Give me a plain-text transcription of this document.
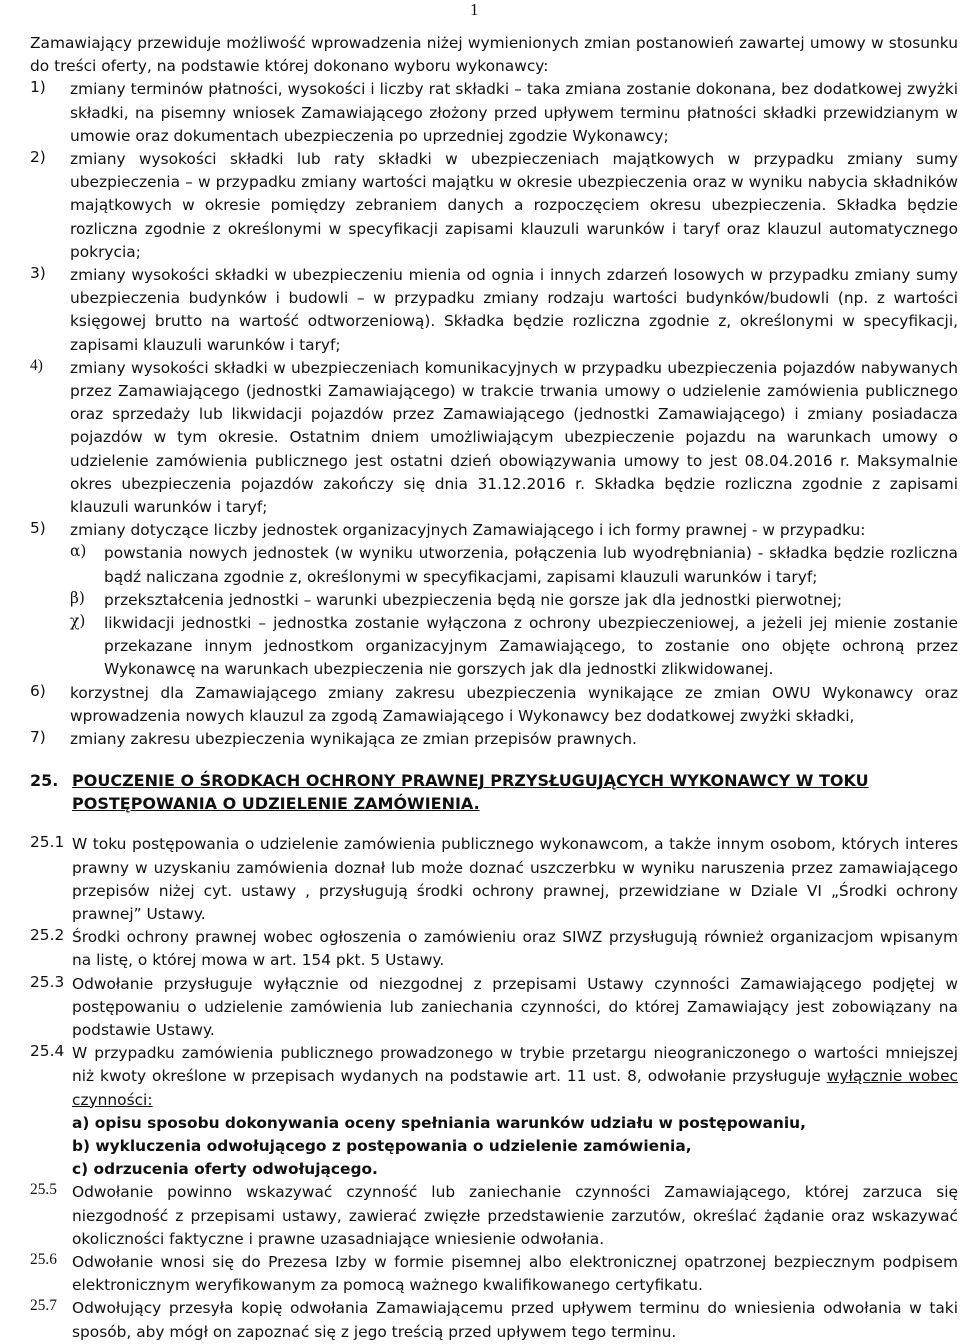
1

Zamawiający przewiduje możliwość wprowadzenia niżej wymienionych zmian postanowień zawartej umowy w stosunku do treści oferty, na podstawie której dokonano wyboru wykonawcy:

1)	zmiany terminów płatności, wysokości i liczby rat składki – taka zmiana zostanie dokonana, bez dodatkowej zwyżki składki, na pisemny wniosek Zamawiającego złożony przed upływem terminu płatności składki przewidzianym w umowie oraz dokumentach ubezpieczenia po uprzedniej zgodzie Wykonawcy;
2)	zmiany wysokości składki lub raty składki w ubezpieczeniach majątkowych w przypadku zmiany sumy ubezpieczenia – w przypadku zmiany wartości majątku w okresie ubezpieczenia oraz w wyniku nabycia składników majątkowych w okresie pomiędzy zebraniem danych a rozpoczęciem okresu ubezpieczenia. Składka będzie rozliczna zgodnie z określonymi w specyfikacji zapisami klauzuli warunków i taryf oraz klauzul automatycznego pokrycia;
3)	zmiany wysokości składki w ubezpieczeniu mienia od ognia i innych zdarzeń losowych w przypadku zmiany sumy ubezpieczenia budynków i budowli – w przypadku zmiany rodzaju wartości budynków/budowli (np. z wartości księgowej brutto na wartość odtworzeniową). Składka będzie rozliczna zgodnie z, określonymi w specyfikacji, zapisami klauzuli warunków i taryf;
4)	zmiany wysokości składki w ubezpieczeniach komunikacyjnych w przypadku ubezpieczenia pojazdów nabywanych przez Zamawiającego (jednostki Zamawiającego) w trakcie trwania umowy o udzielenie zamówienia publicznego oraz sprzedaży lub likwidacji pojazdów przez Zamawiającego (jednostki Zamawiającego) i zmiany posiadacza pojazdów w tym okresie. Ostatnim dniem umożliwiającym ubezpieczenie pojazdu na warunkach umowy o udzielenie zamówienia publicznego jest ostatni dzień obowiązywania umowy to jest 08.04.2016 r. Maksymalnie okres ubezpieczenia pojazdów zakończy się dnia 31.12.2016 r. Składka będzie rozliczna zgodnie z zapisami klauzuli warunków i taryf;
5)	zmiany dotyczące liczby jednostek organizacyjnych Zamawiającego i ich formy prawnej - w przypadku:
α)	powstania nowych jednostek (w wyniku utworzenia, połączenia lub wyodrębniania) - składka będzie rozliczna bądź naliczana zgodnie z, określonymi w specyfikacjami, zapisami klauzuli warunków i taryf;
β)	przekształcenia jednostki – warunki ubezpieczenia będą nie gorsze jak dla jednostki pierwotnej;
χ)	likwidacji jednostki – jednostka zostanie wyłączona z ochrony ubezpieczeniowej, a jeżeli jej mienie zostanie przekazane innym jednostkom organizacyjnym Zamawiającego, to zostanie ono objęte ochroną przez Wykonawcę na warunkach ubezpieczenia nie gorszych jak dla jednostki zlikwidowanej.
6)	korzystnej dla Zamawiającego zmiany zakresu ubezpieczenia wynikające ze zmian OWU Wykonawcy oraz wprowadzenia nowych klauzul za zgodą Zamawiającego i Wykonawcy bez dodatkowej zwyżki składki,
7)	zmiany zakresu ubezpieczenia wynikająca ze zmian przepisów prawnych.
25. POUCZENIE O ŚRODKACH OCHRONY PRAWNEJ PRZYSŁUGUJĄCYCH WYKONAWCY W TOKU POSTĘPOWANIA O UDZIELENIE ZAMÓWIENIA.
25.1 W toku postępowania o udzielenie zamówienia publicznego wykonawcom, a także innym osobom, których interes prawny w uzyskaniu zamówienia doznał lub może doznać uszczerbku w wyniku naruszenia przez zamawiającego przepisów niżej cyt. ustawy , przysługują środki ochrony prawnej, przewidziane w Dziale VI „Środki ochrony prawnej” Ustawy.
25.2 Środki ochrony prawnej wobec ogłoszenia o zamówieniu oraz SIWZ przysługują również organizacjom wpisanym na listę, o której mowa w art. 154 pkt. 5 Ustawy.
25.3 Odwołanie przysługuje wyłącznie od niezgodnej z przepisami Ustawy czynności Zamawiającego podjętej w postępowaniu o udzielenie zamówienia lub zaniechania czynności, do której Zamawiający jest zobowiązany na podstawie Ustawy.
25.4 W przypadku zamówienia publicznego prowadzonego w trybie przetargu nieograniczonego o wartości mniejszej niż kwoty określone w przepisach wydanych na podstawie art. 11 ust. 8, odwołanie przysługuje wyłącznie wobec czynności:
a) opisu sposobu dokonywania oceny spełniania warunków udziału w postępowaniu,
b) wykluczenia odwołującego z postępowania o udzielenie zamówienia,
c) odrzucenia oferty odwołującego.
25.5 Odwołanie powinno wskazywać czynność lub zaniechanie czynności Zamawiającego, której zarzuca się niezgodność z przepisami ustawy, zawierać zwięzłe przedstawienie zarzutów, określać żądanie oraz wskazywać okoliczności faktyczne i prawne uzasadniające wniesienie odwołania.
25.6 Odwołanie wnosi się do Prezesa Izby w formie pisemnej albo elektronicznej opatrzonej bezpiecznym podpisem elektronicznym weryfikowanym za pomocą ważnego kwalifikowanego certyfikatu.
25.7 Odwołujący przesyła kopię odwołania Zamawiającemu przed upływem terminu do wniesienia odwołania w taki sposób, aby mógł on zapoznać się z jego treścią przed upływem tego terminu.
